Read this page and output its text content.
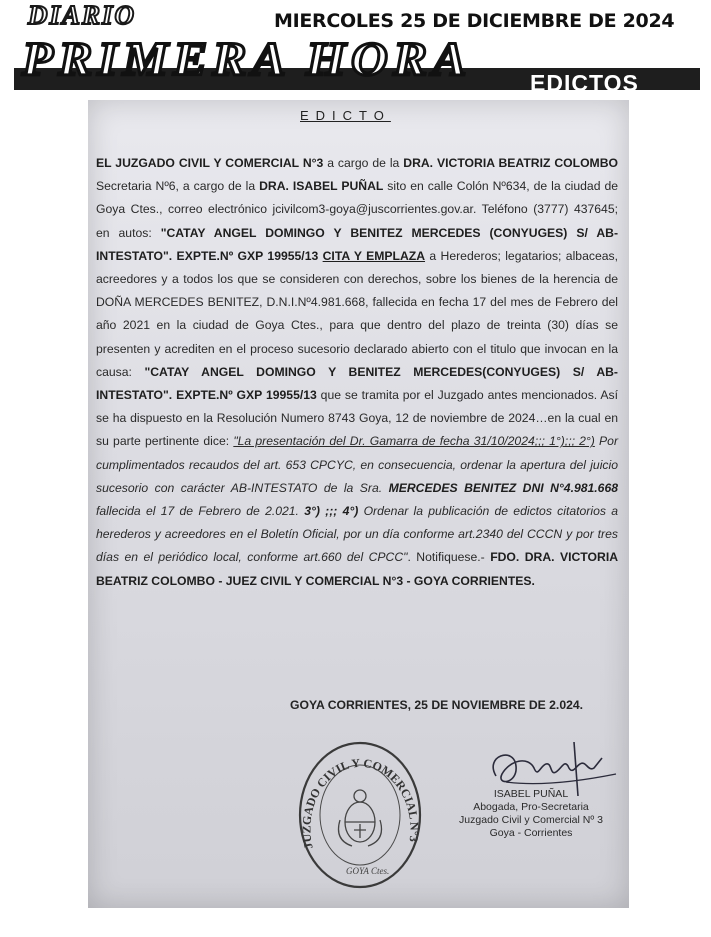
DIARIO	MIERCOLES 25 DE DICIEMBRE DE 2024
PRIMERA HORA	EDICTOS
EDICTO
EL JUZGADO CIVIL Y COMERCIAL N°3 a cargo de la DRA. VICTORIA BEATRIZ COLOMBO Secretaria Nº6, a cargo de la DRA. ISABEL PUÑAL sito en calle Colón Nº634, de la ciudad de Goya Ctes., correo electrónico jcivilcom3-goya@juscorrientes.gov.ar. Teléfono (3777) 437645; en autos: "CATAY ANGEL DOMINGO Y BENITEZ MERCEDES (CONYUGES) S/ AB-INTESTATO". EXPTE.Nº GXP 19955/13 CITA Y EMPLAZA a Herederos; legatarios; albaceas, acreedores y a todos los que se consideren con derechos, sobre los bienes de la herencia de DOÑA MERCEDES BENITEZ, D.N.I.Nº4.981.668, fallecida en fecha 17 del mes de Febrero del año 2021 en la ciudad de Goya Ctes., para que dentro del plazo de treinta (30) días se presenten y acrediten en el proceso sucesorio declarado abierto con el titulo que invocan en la causa: "CATAY ANGEL DOMINGO Y BENITEZ MERCEDES(CONYUGES) S/ AB-INTESTATO". EXPTE.Nº GXP 19955/13 que se tramita por el Juzgado antes mencionados. Así se ha dispuesto en la Resolución Numero 8743 Goya, 12 de noviembre de 2024…en la cual en su parte pertinente dice: "La presentación del Dr. Gamarra de fecha 31/10/2024;;; 1°);;; 2°) Por cumplimentados recaudos del art. 653 CPCYC, en consecuencia, ordenar la apertura del juicio sucesorio con carácter AB-INTESTATO de la Sra. MERCEDES BENITEZ DNI N°4.981.668 fallecida el 17 de Febrero de 2.021. 3°) ;;; 4°) Ordenar la publicación de edictos citatorios a herederos y acreedores en el Boletín Oficial, por un día conforme art.2340 del CCCN y por tres días en el periódico local, conforme art.660 del CPCC". Notifiquese.- FDO. DRA. VICTORIA BEATRIZ COLOMBO - JUEZ CIVIL Y COMERCIAL N°3 - GOYA CORRIENTES.
GOYA CORRIENTES, 25 DE NOVIEMBRE DE 2.024.
JUZGADO CIVIL Y COMERCIAL N°3
GOYA Ctes.
ISABEL PUÑAL
Abogada, Pro-Secretaria
Juzgado Civil y Comercial Nº 3
Goya - Corrientes
